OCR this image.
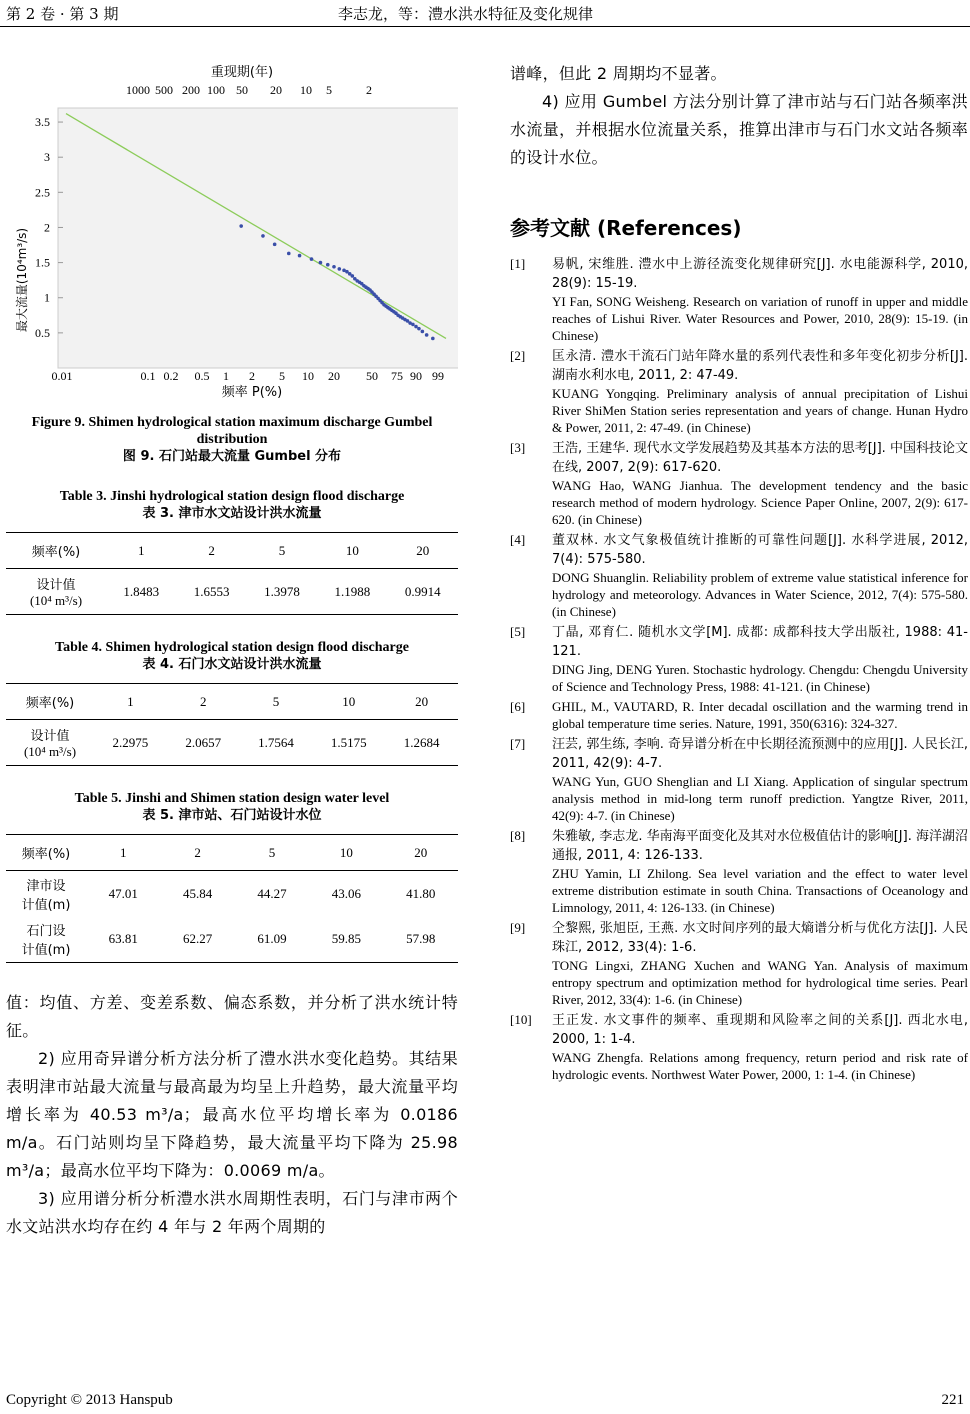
第 2 卷 · 第 3 期	李志龙，等：澧水洪水特征及变化规律
重现期(年)
1000 500 200 100 50 20 10 5	2
3.5
3
2.5
2
1.5
1
0.5
0.01	0.1 0.2 0.5 1 2 5 10 20 50 75 90 99
最大流量(10⁴m³/s)
频率 P(%)
Figure 9. Shimen hydrological station maximum discharge Gumbel distribution
图 9. 石门站最大流量 Gumbel 分布
Table 3. Jinshi hydrological station design flood discharge
表 3. 津市水文站设计洪水流量
频率(%)	1	2	5	10	20
设计值
(10⁴ m³/s)	1.8483	1.6553	1.3978	1.1988	0.9914
Table 4. Shimen hydrological station design flood discharge
表 4. 石门水文站设计洪水流量
频率(%)	1	2	5	10	20
设计值
(10⁴ m³/s)	2.2975	2.0657	1.7564	1.5175	1.2684
Table 5. Jinshi and Shimen station design water level
表 5. 津市站、石门站设计水位
频率(%)	1	2	5	10	20
津市设
计值(m)	47.01	45.84	44.27	43.06	41.80
石门设
计值(m)	63.81	62.27	61.09	59.85	57.98

值：均值、方差、变差系数、偏态系数，并分析了洪水统计特征。

2) 应用奇异谱分析方法分析了澧水洪水变化趋势。其结果表明津市站最大流量与最高最为均呈上升趋势，最大流量平均增长率为 40.53 m³/a；最高水位平均增长率为 0.0186 m/a。石门站则均呈下降趋势，最大流量平均下降为 25.98 m³/a；最高水位平均下降为：0.0069 m/a。

3) 应用谱分析分析澧水洪水周期性表明，石门与津市两个水文站洪水均存在约 4 年与 2 年两个周期的

谱峰，但此 2 周期均不显著。

4) 应用 Gumbel 方法分别计算了津市站与石门站各频率洪水流量，并根据水位流量关系，推算出津市与石门水文站各频率的设计水位。

参考文献 (References)
[1] 易帆, 宋维胜. 澧水中上游径流变化规律研究[J]. 水电能源科学, 2010, 28(9): 15-19.
YI Fan, SONG Weisheng. Research on variation of runoff in upper and middle reaches of Lishui River. Water Resources and Power, 2010, 28(9): 15-19. (in Chinese)
[2] 匡永清. 澧水干流石门站年降水量的系列代表性和多年变化初步分析[J]. 湖南水利水电, 2011, 2: 47-49.
KUANG Yongqing. Preliminary analysis of annual precipitation of Lishui River ShiMen Station series representation and years of change. Hunan Hydro & Power, 2011, 2: 47-49. (in Chinese)
[3] 王浩, 王建华. 现代水文学发展趋势及其基本方法的思考[J]. 中国科技论文在线, 2007, 2(9): 617-620.
WANG Hao, WANG Jianhua. The development tendency and the basic research method of modern hydrology. Science Paper Online, 2007, 2(9): 617-620. (in Chinese)
[4] 董双林. 水文气象极值统计推断的可靠性问题[J]. 水科学进展, 2012, 7(4): 575-580.
DONG Shuanglin. Reliability problem of extreme value statistical inference for hydrology and meteorology. Advances in Water Science, 2012, 7(4): 575-580. (in Chinese)
[5] 丁晶, 邓育仁. 随机水文学[M]. 成都: 成都科技大学出版社, 1988: 41-121.
DING Jing, DENG Yuren. Stochastic hydrology. Chengdu: Chengdu University of Science and Technology Press, 1988: 41-121. (in Chinese)
[6] GHIL, M., VAUTARD, R. Inter decadal oscillation and the warming trend in global temperature time series. Nature, 1991, 350(6316): 324-327.
[7] 汪芸, 郭生练, 李响. 奇异谱分析在中长期径流预测中的应用[J]. 人民长江, 2011, 42(9): 4-7.
WANG Yun, GUO Shenglian and LI Xiang. Application of singular spectrum analysis method in mid-long term runoff prediction. Yangtze River, 2011, 42(9): 4-7. (in Chinese)
[8] 朱雅敏, 李志龙. 华南海平面变化及其对水位极值估计的影响[J]. 海洋湖沼通报, 2011, 4: 126-133.
ZHU Yamin, LI Zhilong. Sea level variation and the effect to water level extreme distribution estimate in south China. Transactions of Oceanology and Limnology, 2011, 4: 126-133. (in Chinese)
[9] 仝黎熙, 张旭臣, 王燕. 水文时间序列的最大熵谱分析与优化方法[J]. 人民珠江, 2012, 33(4): 1-6.
TONG Lingxi, ZHANG Xuchen and WANG Yan. Analysis of maximum entropy spectrum and optimization method for hydrological time series. Pearl River, 2012, 33(4): 1-6. (in Chinese)
[10] 王正发. 水文事件的频率、重现期和风险率之间的关系[J]. 西北水电, 2000, 1: 1-4.
WANG Zhengfa. Relations among frequency, return period and risk rate of hydrologic events. Northwest Water Power, 2000, 1: 1-4. (in Chinese)
Copyright © 2013 Hanspub	221
